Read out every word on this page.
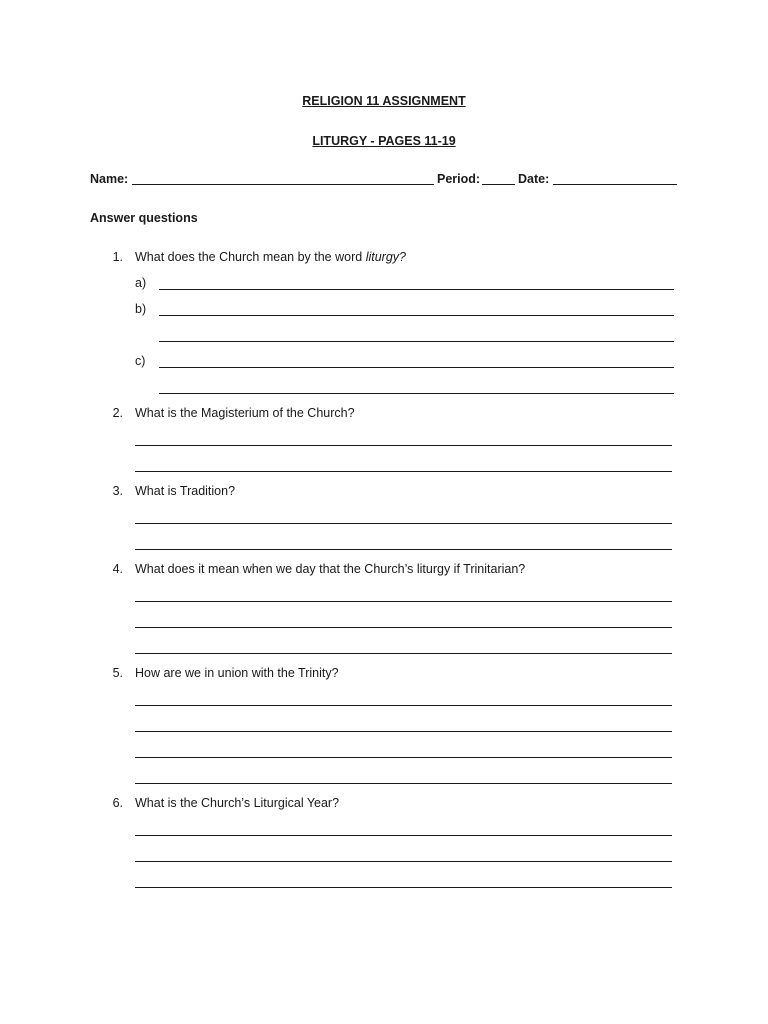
RELIGION 11 ASSIGNMENT
LITURGY - PAGES 11-19
Name:	Period:	Date:
Answer questions
1. What does the Church mean by the word liturgy?
a)
b)
c)
2. What is the Magisterium of the Church?
3. What is Tradition?
4. What does it mean when we day that the Church’s liturgy if Trinitarian?
5. How are we in union with the Trinity?
6. What is the Church’s Liturgical Year?
